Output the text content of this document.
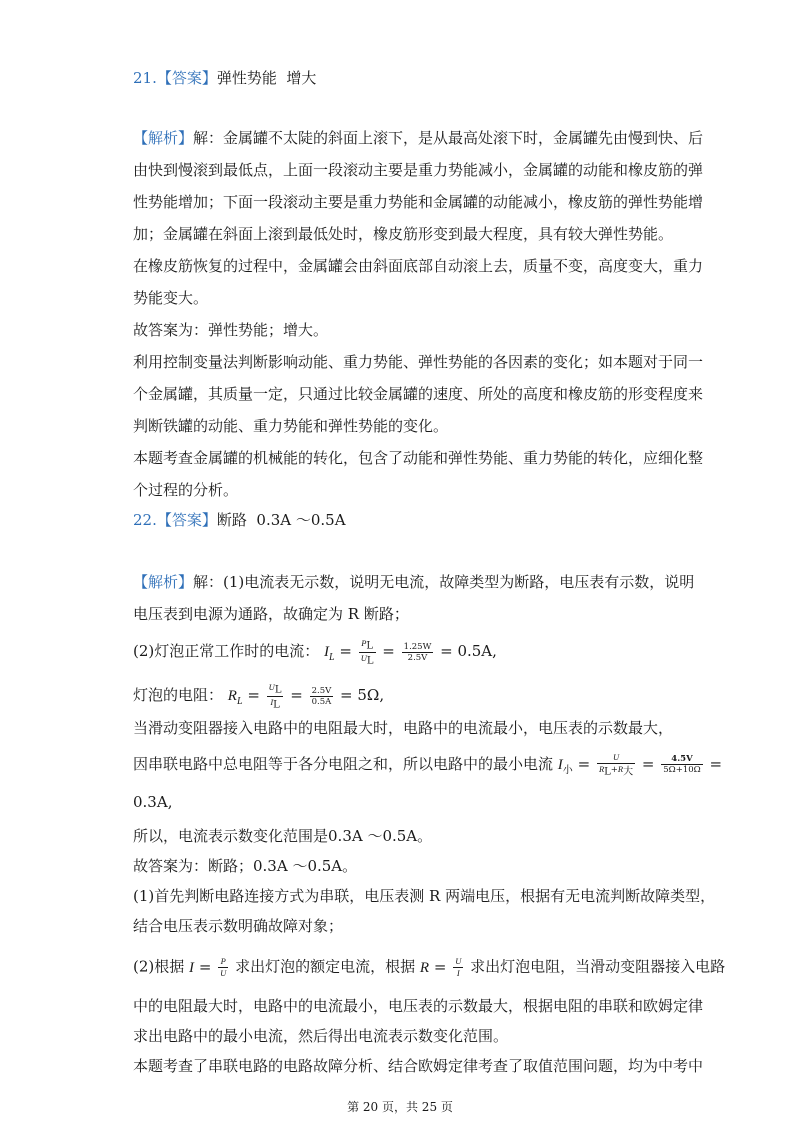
21.【答案】弹性势能  增大
【解析】解：金属罐不太陡的斜面上滚下，是从最高处滚下时，金属罐先由慢到快、后
由快到慢滚到最低点，上面一段滚动主要是重力势能减小，金属罐的动能和橡皮筋的弹
性势能增加；下面一段滚动主要是重力势能和金属罐的动能减小，橡皮筋的弹性势能增
加；金属罐在斜面上滚到最低处时，橡皮筋形变到最大程度，具有较大弹性势能。
在橡皮筋恢复的过程中，金属罐会由斜面底部自动滚上去，质量不变，高度变大，重力
势能变大。
故答案为：弹性势能；增大。
利用控制变量法判断影响动能、重力势能、弹性势能的各因素的变化；如本题对于同一
个金属罐，其质量一定，只通过比较金属罐的速度、所处的高度和橡皮筋的形变程度来
判断铁罐的动能、重力势能和弹性势能的变化。
本题考查金属罐的机械能的转化，包含了动能和弹性势能、重力势能的转化，应细化整
个过程的分析。
22.【答案】断路  0.3A ～0.5A
【解析】解：(1)电流表无示数，说明无电流，故障类型为断路，电压表有示数，说明
电压表到电源为通路，故确定为 R 断路；
(2)灯泡正常工作时的电流： $I_L = \frac{P_L}{U_L} = \frac{1.25W}{2.5V} = 0.5A$,
灯泡的电阻： $R_L = \frac{U_L}{I_L} = \frac{2.5V}{0.5A} = 5\Omega$,
当滑动变阻器接入电路中的电阻最大时，电路中的电流最小，电压表的示数最大，
因串联电路中总电阻等于各分电阻之和，所以电路中的最小电流 $I_小 = \frac{U}{R_L+R_大} = \frac{4.5V}{5\Omega+10\Omega}$ =
0.3A,
所以，电流表示数变化范围是0.3A ～0.5A。
故答案为：断路；0.3A ～0.5A。
(1)首先判断电路连接方式为串联，电压表测 R 两端电压，根据有无电流判断故障类型，
结合电压表示数明确故障对象；
(2)根据 $I = \frac{P}{U}$ 求出灯泡的额定电流，根据 $R = \frac{U}{I}$ 求出灯泡电阻，当滑动变阻器接入电路
中的电阻最大时，电路中的电流最小，电压表的示数最大，根据电阻的串联和欧姆定律
求出电路中的最小电流，然后得出电流表示数变化范围。
本题考查了串联电路的电路故障分析、结合欧姆定律考查了取值范围问题，均为中考中
第 20 页，共 25 页
